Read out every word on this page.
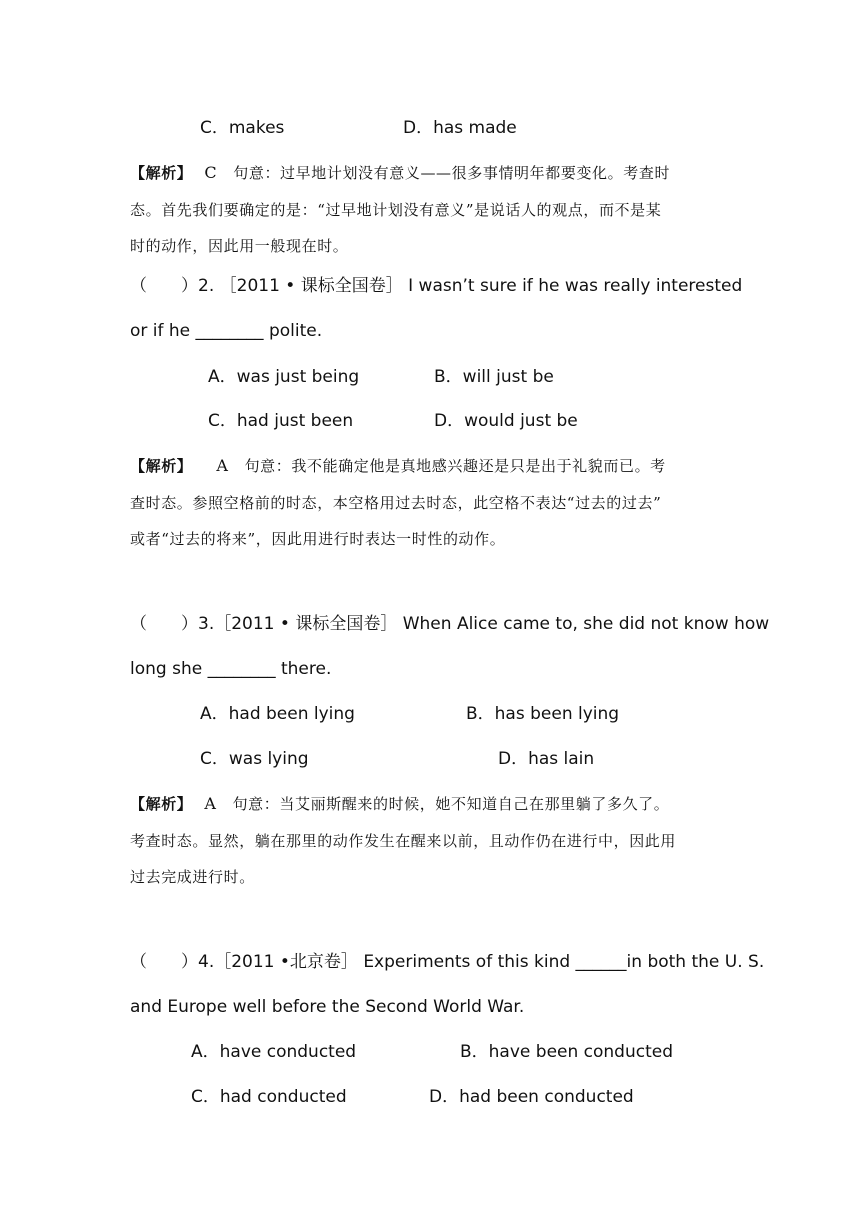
C．makes	D．has made
【解析】 C 句意：过早地计划没有意义——很多事情明年都要变化。考查时
态。首先我们要确定的是：“过早地计划没有意义”是说话人的观点，而不是某
时的动作，因此用一般现在时。
（　　）2. ［2011 • 课标全国卷］ I wasn’t sure if he was really interested
or if he ________ polite.
A．was just being	B．will just be
C．had just been	D．would just be
【解析】 A 句意：我不能确定他是真地感兴趣还是只是出于礼貌而已。考
查时态。参照空格前的时态，本空格用过去时态，此空格不表达“过去的过去”
或者“过去的将来”，因此用进行时表达一时性的动作。
（　　）3.［2011 • 课标全国卷］ When Alice came to, she did not know how
long she ________ there.
A．had been lying	B．has been lying
C．was lying	D．has lain
【解析】 A 句意：当艾丽斯醒来的时候，她不知道自己在那里躺了多久了。
考查时态。显然，躺在那里的动作发生在醒来以前，且动作仍在进行中，因此用
过去完成进行时。
（　　）4.［2011 •北京卷］ Experiments of this kind ______in both the U. S.
and Europe well before the Second World War.
A．have conducted	B．have been conducted
C．had conducted	D．had been conducted
